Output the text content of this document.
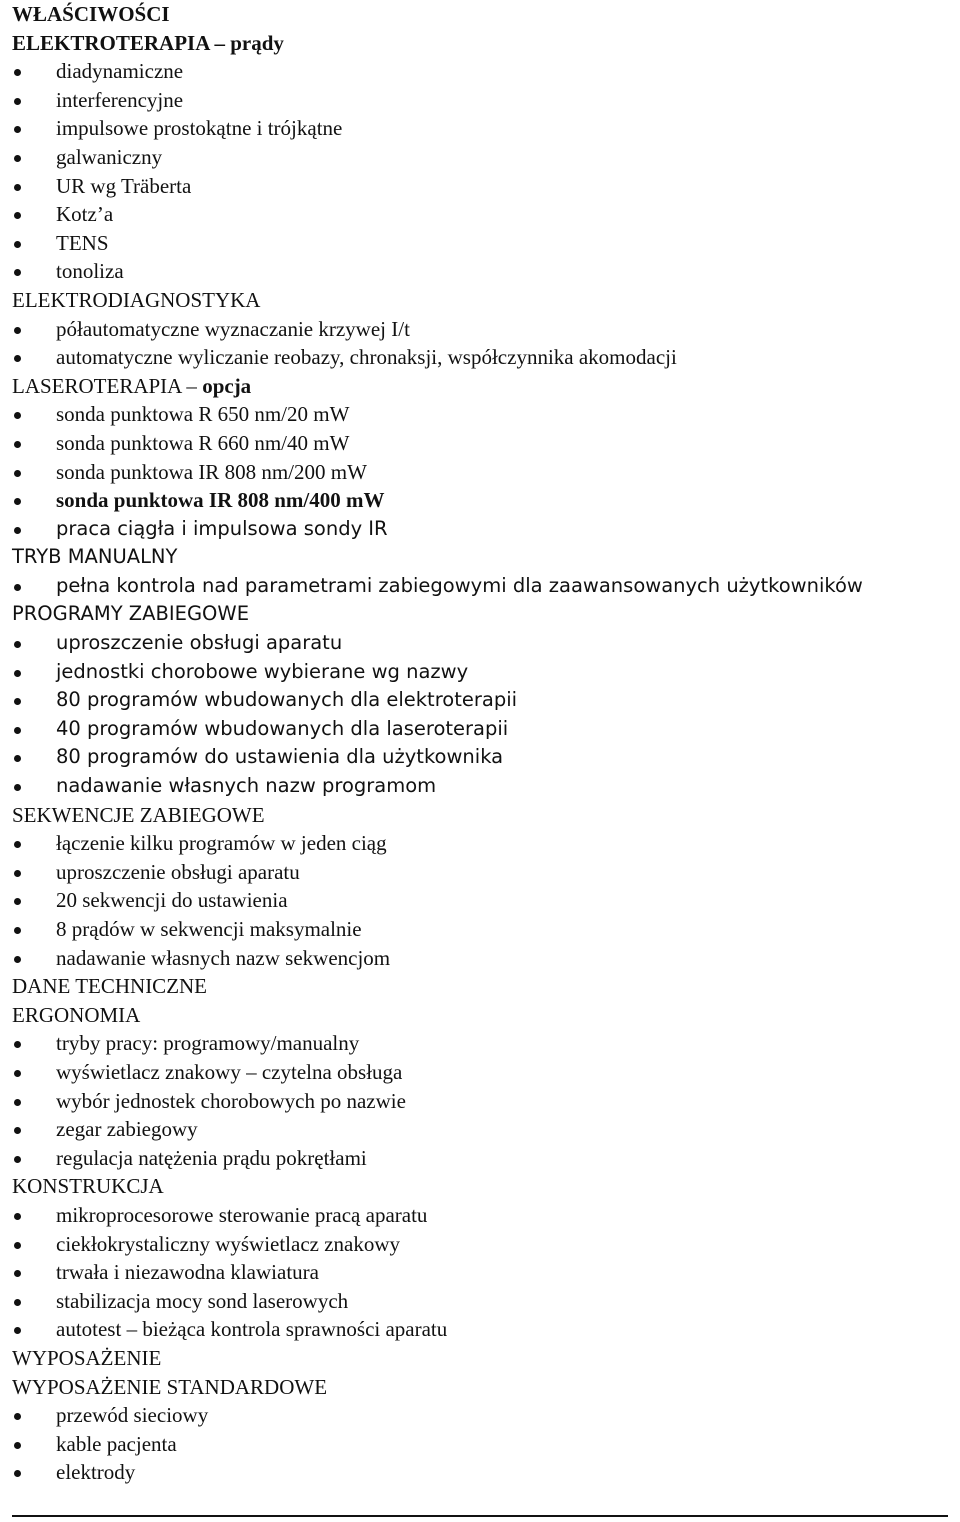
WŁAŚCIWOŚCI
ELEKTROTERAPIA – prądy
diadynamiczne
interferencyjne
impulsowe prostokątne i trójkątne
galwaniczny
UR wg Träberta
Kotz’a
TENS
tonoliza
ELEKTRODIAGNOSTYKA
półautomatyczne wyznaczanie krzywej I/t
automatyczne wyliczanie reobazy, chronaksji, współczynnika akomodacji
LASEROTERAPIA – opcja
sonda punktowa R 650 nm/20 mW
sonda punktowa R 660 nm/40 mW
sonda punktowa IR 808 nm/200 mW
sonda punktowa IR 808 nm/400 mW
praca ciągła i impulsowa sondy IR
TRYB MANUALNY
pełna kontrola nad parametrami zabiegowymi dla zaawansowanych użytkowników
PROGRAMY ZABIEGOWE
uproszczenie obsługi aparatu
jednostki chorobowe wybierane wg nazwy
80 programów wbudowanych dla elektroterapii
40 programów wbudowanych dla laseroterapii
80 programów do ustawienia dla użytkownika
nadawanie własnych nazw programom
SEKWENCJE ZABIEGOWE
łączenie kilku programów w jeden ciąg
uproszczenie obsługi aparatu
20 sekwencji do ustawienia
8 prądów w sekwencji maksymalnie
nadawanie własnych nazw sekwencjom
DANE TECHNICZNE
ERGONOMIA
tryby pracy: programowy/manualny
wyświetlacz znakowy – czytelna obsługa
wybór jednostek chorobowych po nazwie
zegar zabiegowy
regulacja natężenia prądu pokrętłami
KONSTRUKCJA
mikroprocesorowe sterowanie pracą aparatu
ciekłokrystaliczny wyświetlacz znakowy
trwała i niezawodna klawiatura
stabilizacja mocy sond laserowych
autotest – bieżąca kontrola sprawności aparatu
WYPOSAŻENIE
WYPOSAŻENIE STANDARDOWE
przewód sieciowy
kable pacjenta
elektrody
